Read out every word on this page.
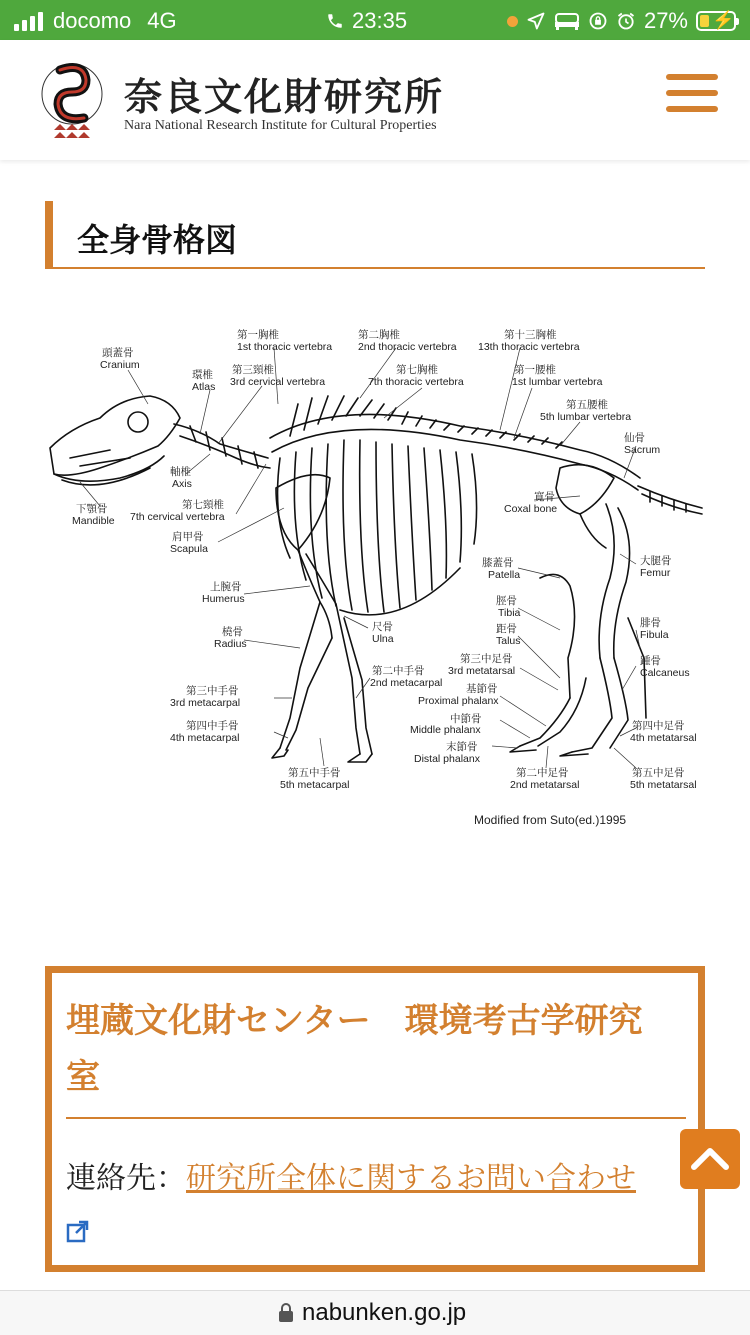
docomo 4G	23:35	27% ⚡
奈良文化財研究所
Nara National Research Institute for Cultural Properties
全身骨格図
第一胸椎
1st thoracic vertebra
第二胸椎
2nd thoracic vertebra
第十三胸椎
13th thoracic vertebra
頭蓋骨
Cranium
環椎
Atlas
第三頸椎
3rd cervical vertebra
第七胸椎
7th thoracic vertebra
第一腰椎
1st lumbar vertebra
第五腰椎
5th lumbar vertebra
仙骨
Sacrum
軸椎
Axis
下顎骨
Mandible
第七頸椎
7th cervical vertebra
寛骨
Coxal bone
肩甲骨
Scapula
膝蓋骨
Patella
大腿骨
Femur
上腕骨
Humerus	脛骨
Tibia
橈骨
Radius
尺骨
Ulna
距骨
Talus
腓骨
Fibula
第三中足骨
3rd metatarsal
第二中手骨
2nd metacarpal
踵骨
Calcaneus
基節骨
Proximal phalanx
第三中手骨
3rd metacarpal
中節骨
Middle phalanx
第四中手骨
4th metacarpal
第四中足骨
4th metatarsal
末節骨
Distal phalanx
第五中手骨
5th metacarpal
第二中足骨
2nd metatarsal
第五中足骨
5th metatarsal
Modified from Suto(ed.)1995
埋蔵文化財センター　環境考古学研究室
連絡先：研究所全体に関するお問い合わせ
nabunken.go.jp
